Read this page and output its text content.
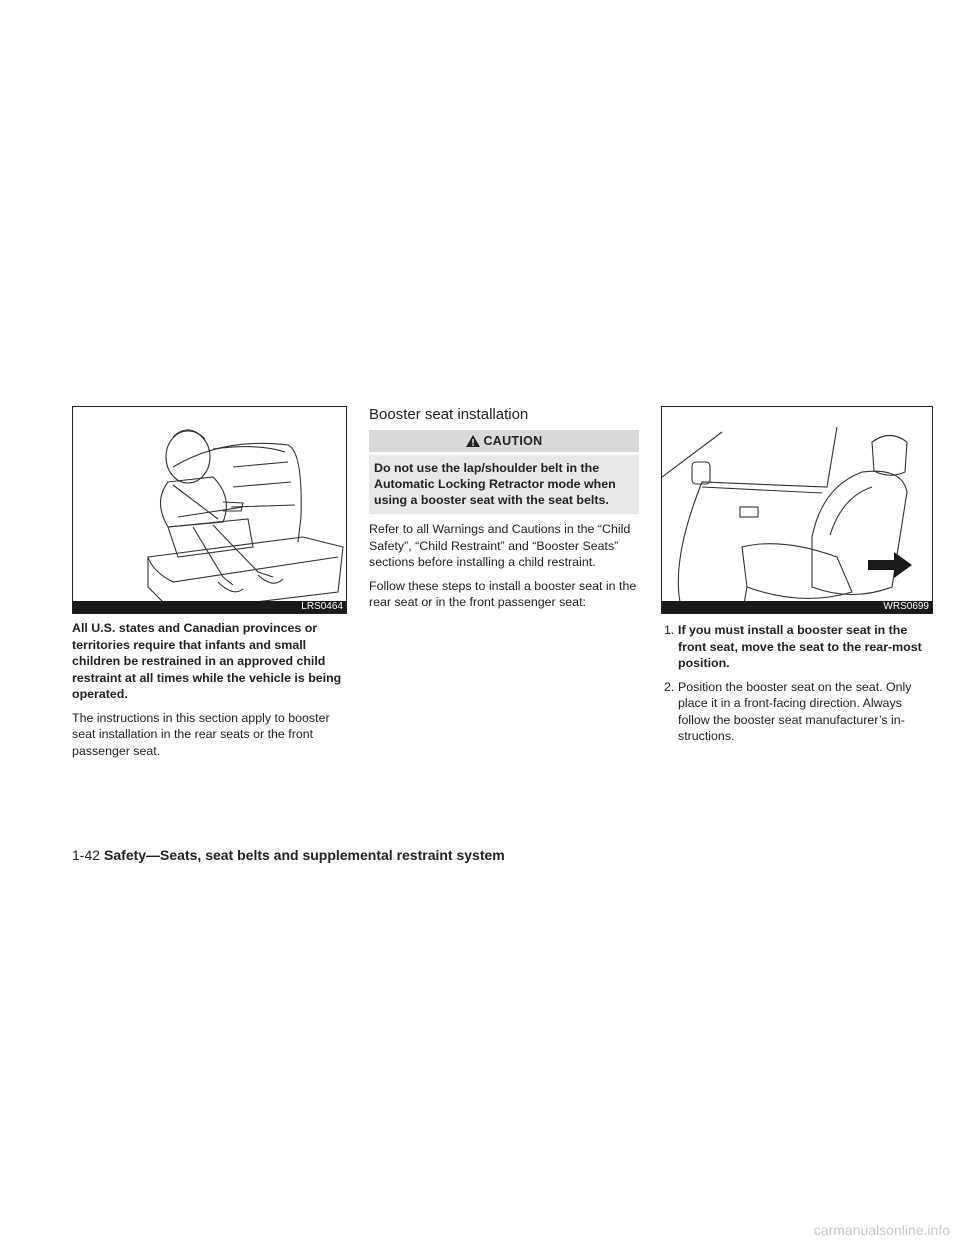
LRS0464

All U.S. states and Canadian provinces or territories require that infants and small children be restrained in an approved child restraint at all times while the vehicle is being operated.

The instructions in this section apply to booster seat installation in the rear seats or the front passenger seat.

Booster seat installation
CAUTION
Do not use the lap/shoulder belt in the Automatic Locking Retractor mode when using a booster seat with the seat belts.

Refer to all Warnings and Cautions in the “Child Safety”, “Child Restraint” and “Booster Seats” sections before installing a child restraint.

Follow these steps to install a booster seat in the rear seat or in the front passenger seat:	WRS0699
1. If you must install a booster seat in the front seat, move the seat to the rear-most position.
2. Position the booster seat on the seat. Only place it in a front-facing direction. Always follow the booster seat manufacturer’s in-structions.
1-42 Safety—Seats, seat belts and supplemental restraint system
carmanualsonline.info
